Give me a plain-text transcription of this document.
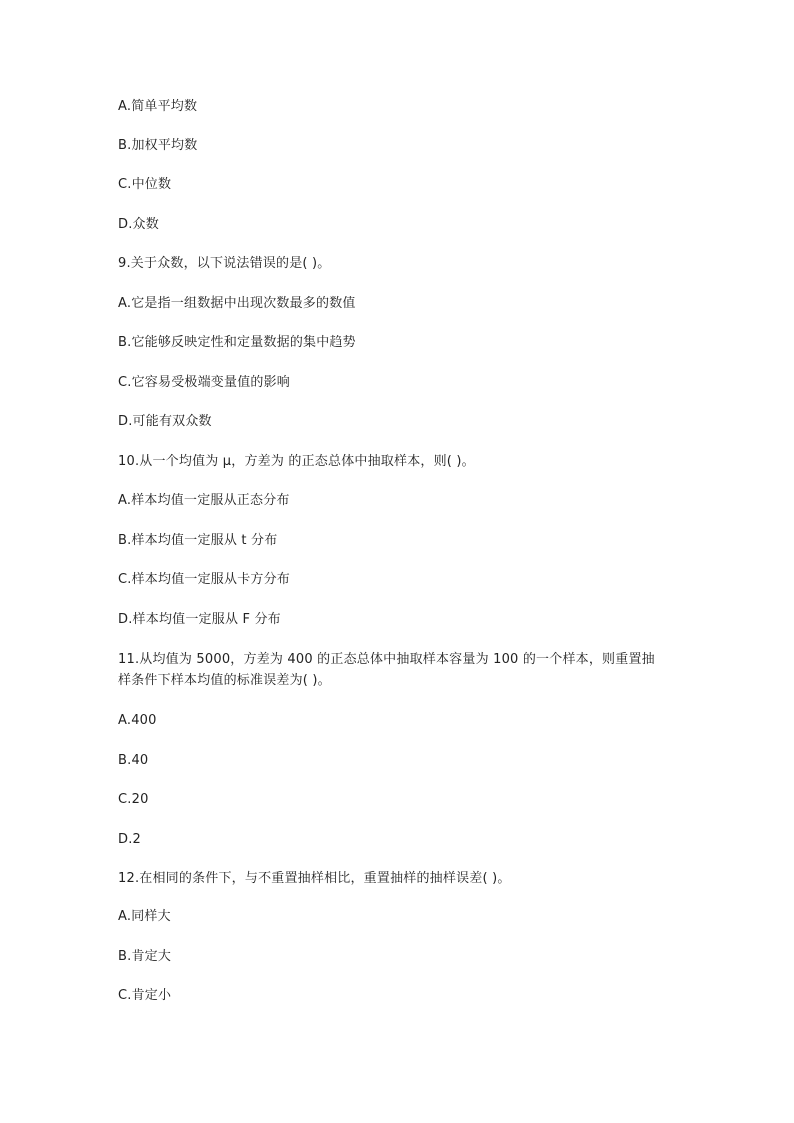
A.简单平均数
B.加权平均数
C.中位数
D.众数
9.关于众数，以下说法错误的是( )。
A.它是指一组数据中出现次数最多的数值
B.它能够反映定性和定量数据的集中趋势
C.它容易受极端变量值的影响
D.可能有双众数
10.从一个均值为 μ，方差为 的正态总体中抽取样本，则( )。
A.样本均值一定服从正态分布
B.样本均值一定服从 t 分布
C.样本均值一定服从卡方分布
D.样本均值一定服从 F 分布
11.从均值为 5000，方差为 400 的正态总体中抽取样本容量为 100 的一个样本，则重置抽
样条件下样本均值的标准误差为( )。
A.400
B.40
C.20
D.2
12.在相同的条件下，与不重置抽样相比，重置抽样的抽样误差( )。
A.同样大
B.肯定大
C.肯定小
